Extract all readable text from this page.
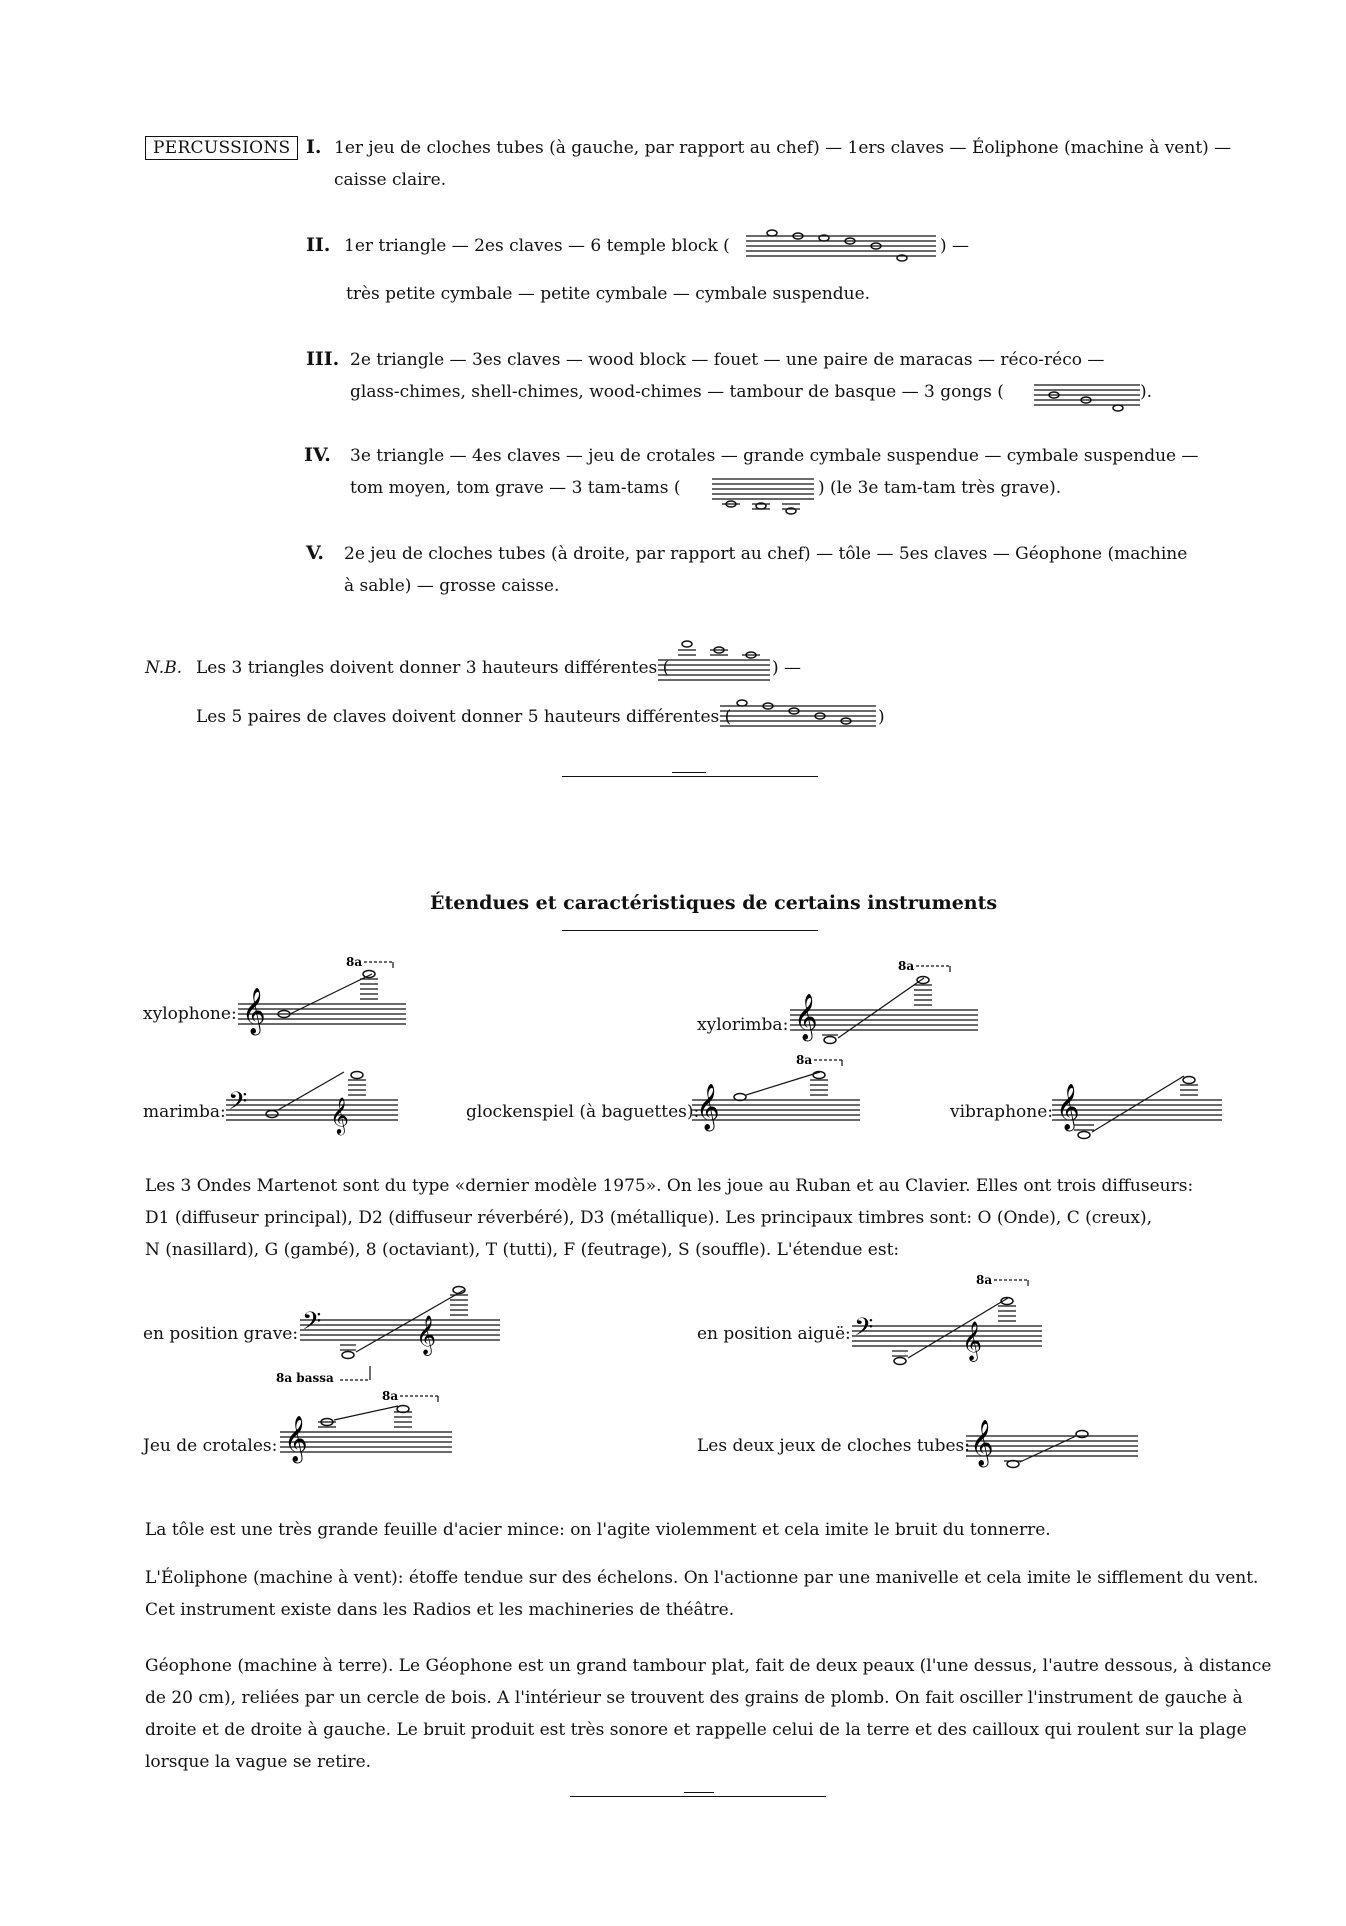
PERCUSSIONS I. 1er jeu de cloches tubes (à gauche, par rapport au chef) — 1ers claves — Éoliphone (machine à vent) —
caisse claire.
II. 1er triangle — 2es claves — 6 temple block (	) —
très petite cymbale — petite cymbale — cymbale suspendue.
III. 2e triangle — 3es claves — wood block — fouet — une paire de maracas — réco-réco —
glass-chimes, shell-chimes, wood-chimes — tambour de basque — 3 gongs (	).
IV. 3e triangle — 4es claves — jeu de crotales — grande cymbale suspendue — cymbale suspendue —
tom moyen, tom grave — 3 tam-tams (	) (le 3e tam-tam très grave).
V. 2e jeu de cloches tubes (à droite, par rapport au chef) — tôle — 5es claves — Géophone (machine
à sable) — grosse caisse.
N.B. Les 3 triangles doivent donner 3 hauteurs différentes (	) —
Les 5 paires de claves doivent donner 5 hauteurs différentes (	)
Étendues et caractéristiques de certains instruments
xylophone: 𝄞
8a
xylorimba: 𝄞
8a
marimba: 𝄢	𝄞	glockenspiel (à baguettes):
𝄞
8a
vibraphone: 𝄞
Les 3 Ondes Martenot sont du type «dernier modèle 1975». On les joue au Ruban et au Clavier. Elles ont trois diffuseurs:
D1 (diffuseur principal), D2 (diffuseur réverbéré), D3 (métallique). Les principaux timbres sont: O (Onde), C (creux),
N (nasillard), G (gambé), 8 (octaviant), T (tutti), F (feutrage), S (souffle). L'étendue est:
en position grave: 𝄢	𝄞
8a bassa
en position aiguë: 𝄢	𝄞
8a
Jeu de crotales: 𝄞
8a
Les deux jeux de cloches tubes: 𝄞
La tôle est une très grande feuille d'acier mince: on l'agite violemment et cela imite le bruit du tonnerre.
L'Éoliphone (machine à vent): étoffe tendue sur des échelons. On l'actionne par une manivelle et cela imite le sifflement du vent.
Cet instrument existe dans les Radios et les machineries de théâtre.
Géophone (machine à terre). Le Géophone est un grand tambour plat, fait de deux peaux (l'une dessus, l'autre dessous, à distance
de 20 cm), reliées par un cercle de bois. A l'intérieur se trouvent des grains de plomb. On fait osciller l'instrument de gauche à
droite et de droite à gauche. Le bruit produit est très sonore et rappelle celui de la terre et des cailloux qui roulent sur la plage
lorsque la vague se retire.
